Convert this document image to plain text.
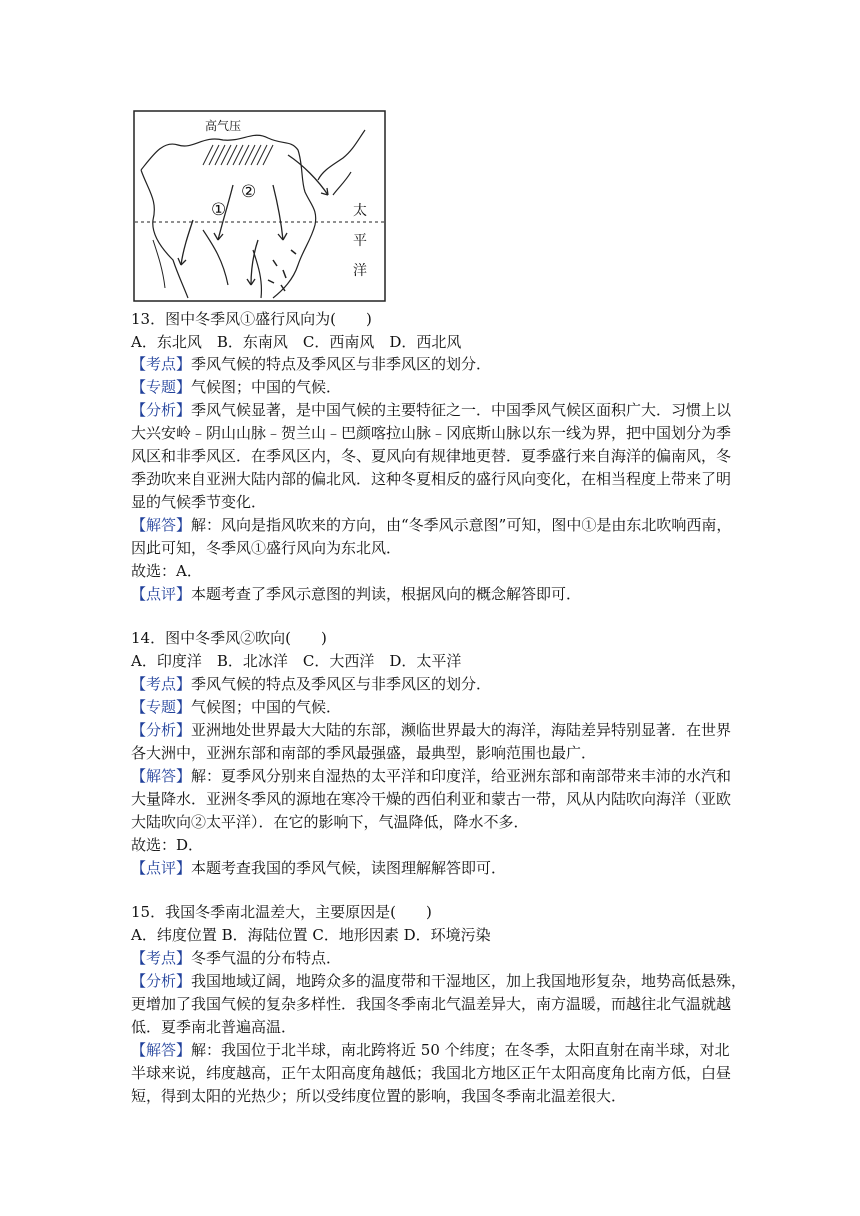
高气压
①
②
太
平
洋
13．图中冬季风①盛行风向为(　　)
A．东北风　B．东南风　C．西南风　D．西北风
【考点】季风气候的特点及季风区与非季风区的划分．
【专题】气候图；中国的气候．
【分析】季风气候显著，是中国气候的主要特征之一．中国季风气候区面积广大．习惯上以
大兴安岭﹣阴山山脉﹣贺兰山﹣巴颜喀拉山脉﹣冈底斯山脉以东一线为界，把中国划分为季
风区和非季风区．在季风区内，冬、夏风向有规律地更替．夏季盛行来自海洋的偏南风，冬
季劲吹来自亚洲大陆内部的偏北风．这种冬夏相反的盛行风向变化，在相当程度上带来了明
显的气候季节变化．
【解答】解：风向是指风吹来的方向，由“冬季风示意图”可知，图中①是由东北吹响西南，
因此可知，冬季风①盛行风向为东北风．
故选：A．
【点评】本题考查了季风示意图的判读，根据风向的概念解答即可．
14．图中冬季风②吹向(　　)
A．印度洋　B．北冰洋　C．大西洋　D．太平洋
【考点】季风气候的特点及季风区与非季风区的划分．
【专题】气候图；中国的气候．
【分析】亚洲地处世界最大大陆的东部，濒临世界最大的海洋，海陆差异特别显著．在世界
各大洲中，亚洲东部和南部的季风最强盛，最典型，影响范围也最广．
【解答】解：夏季风分别来自湿热的太平洋和印度洋，给亚洲东部和南部带来丰沛的水汽和
大量降水．亚洲冬季风的源地在寒冷干燥的西伯利亚和蒙古一带，风从内陆吹向海洋（亚欧
大陆吹向②太平洋）．在它的影响下，气温降低，降水不多．
故选：D．
【点评】本题考查我国的季风气候，读图理解解答即可．
15．我国冬季南北温差大，主要原因是(　　)
A．纬度位置 B．海陆位置 C．地形因素 D．环境污染
【考点】冬季气温的分布特点．
【分析】我国地域辽阔，地跨众多的温度带和干湿地区，加上我国地形复杂，地势高低悬殊，
更增加了我国气候的复杂多样性．我国冬季南北气温差异大，南方温暖，而越往北气温就越
低．夏季南北普遍高温．
【解答】解：我国位于北半球，南北跨将近 50 个纬度；在冬季，太阳直射在南半球，对北
半球来说，纬度越高，正午太阳高度角越低；我国北方地区正午太阳高度角比南方低，白昼
短，得到太阳的光热少；所以受纬度位置的影响，我国冬季南北温差很大．
